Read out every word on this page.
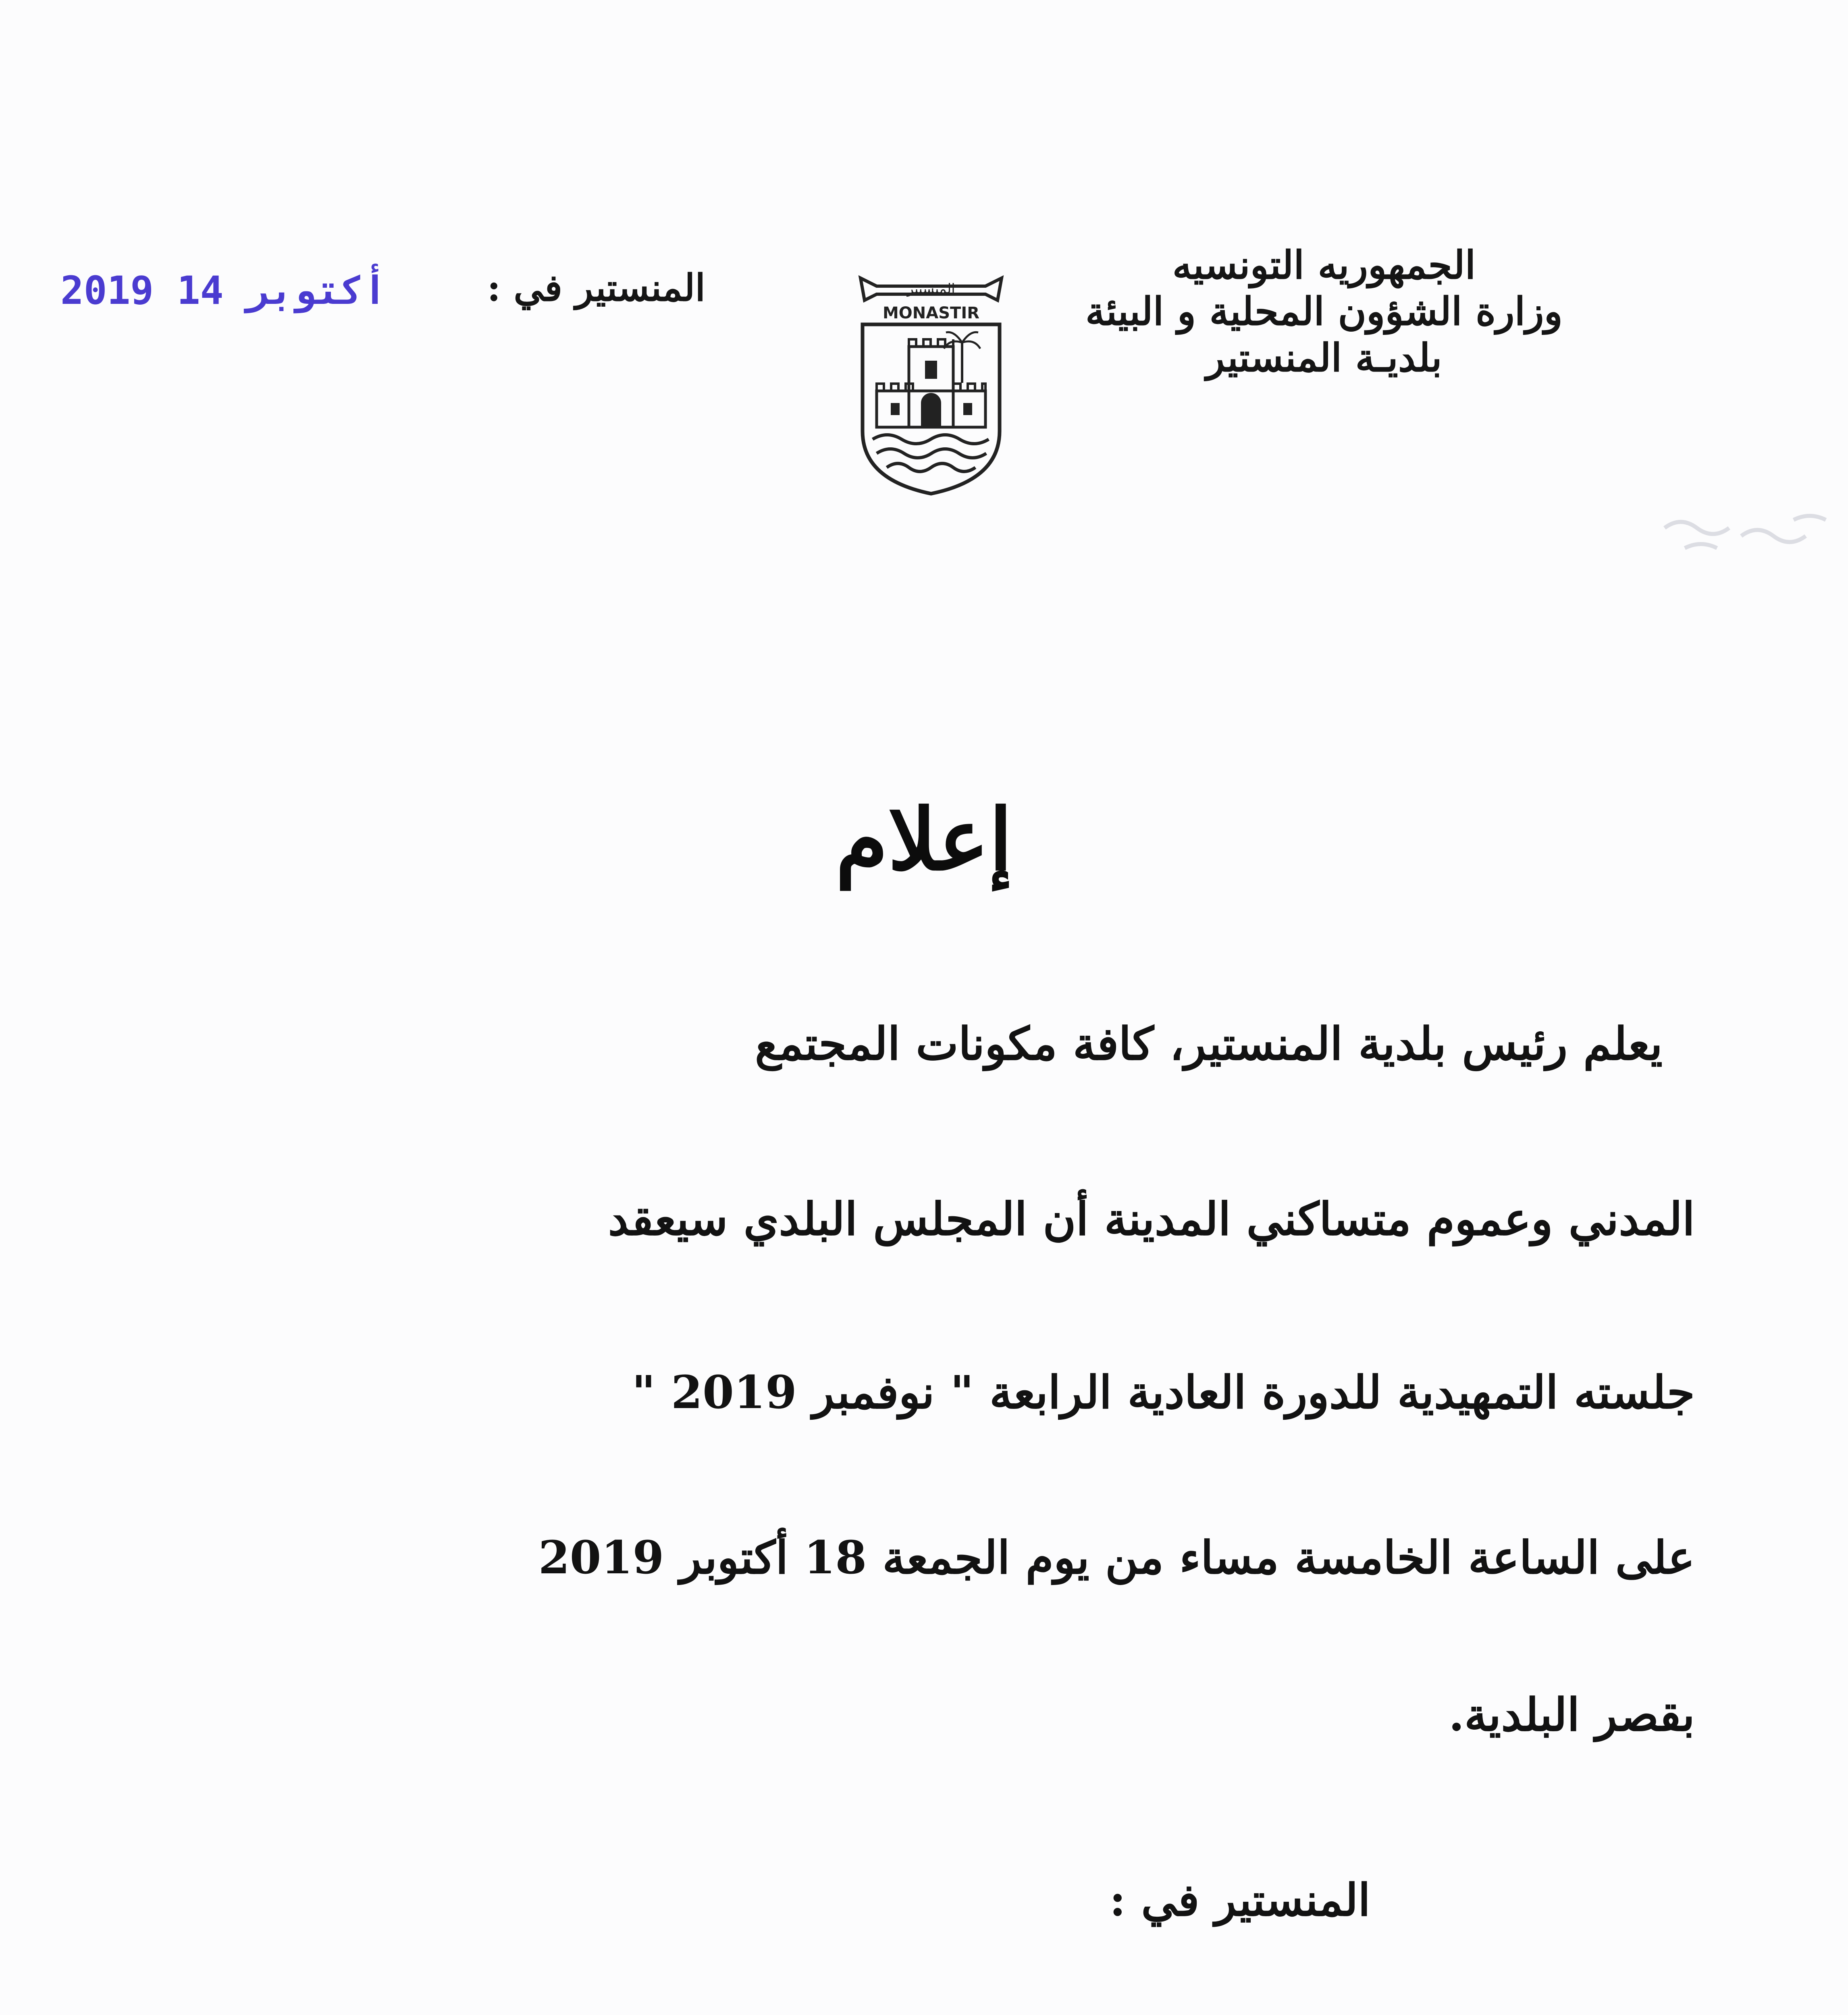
الجمهوريه التونسيه
وزارة الشؤون المحلية و البيئة
بلديـة المنستير
المنستير
MONASTIR
المنستير في :
2019 أكتوبر 14
إعلام
يعلم رئيس بلدية المنستير، كافة مكونات المجتمع
المدني وعموم متساكني المدينة أن المجلس البلدي سيعقد
جلسته التمهيدية للدورة العادية الرابعة " نوفمبر 2019 "
على الساعة الخامسة مساء من يوم الجمعة 18 أكتوبر 2019
بقصر البلدية.
المنستير في :
